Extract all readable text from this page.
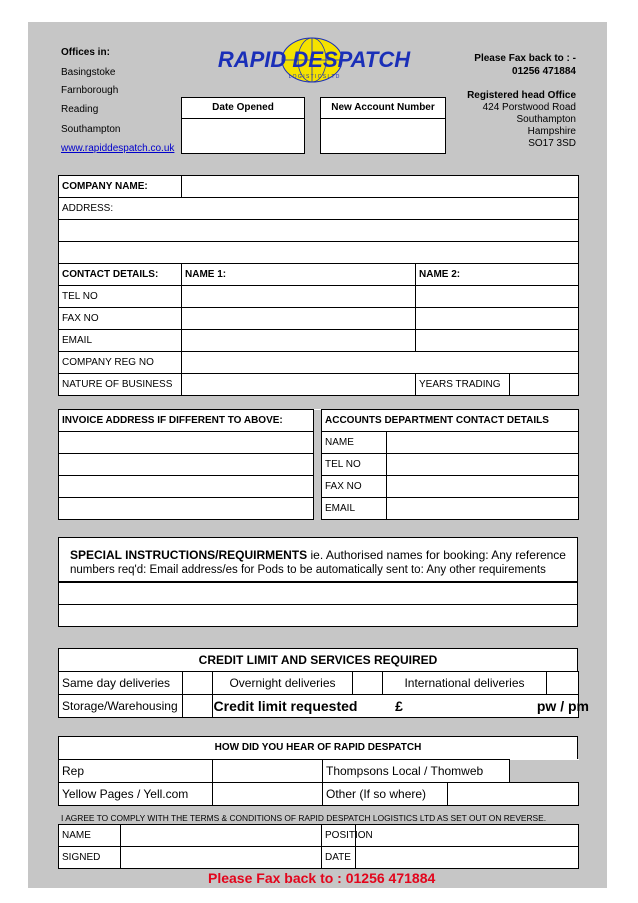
Offices in:
Basingstoke
Farnborough
Reading
Southampton
www.rapiddespatch.co.uk
RAPID DESPATCH
L O G I S T I C S L T D
Please Fax back to : -
01256 471884
Registered head Office
424 Porstwood Road
Southampton
Hampshire
SO17 3SD
Date Opened	New Account Number
COMPANY NAME:			
ADDRESS:			

CONTACT DETAILS:	NAME 1:	NAME 2:	
TEL NO			
FAX NO			
EMAIL			
COMPANY REG NO			
NATURE OF BUSINESS		YEARS TRADING	
INVOICE ADDRESS IF DIFFERENT TO ABOVE:		ACCOUNTS DEPARTMENT CONTACT DETAILS	
		NAME	
		TEL NO	
		FAX NO	
		EMAIL	
SPECIAL INSTRUCTIONS/REQUIRMENTS ie. Authorised names for booking: Any reference
numbers req'd: Email address/es for Pods to be automatically sent to: Any other requirements
CREDIT LIMIT AND SERVICES REQUIRED
Same day deliveries		Overnight deliveries		International deliveries	
Storage/Warehousing		Credit limit requested £ pw / pm			
HOW DID YOU HEAR OF RAPID DESPATCH
Rep		Thompsons Local / Thomweb		
Yellow Pages / Yell.com		Other (If so where)		
I AGREE TO COMPLY WITH THE TERMS & CONDITIONS OF RAPID DESPATCH LOGISTICS LTD AS SET OUT ON REVERSE.
NAME		POSITION	
SIGNED		DATE	
Please Fax back to : 01256 471884
